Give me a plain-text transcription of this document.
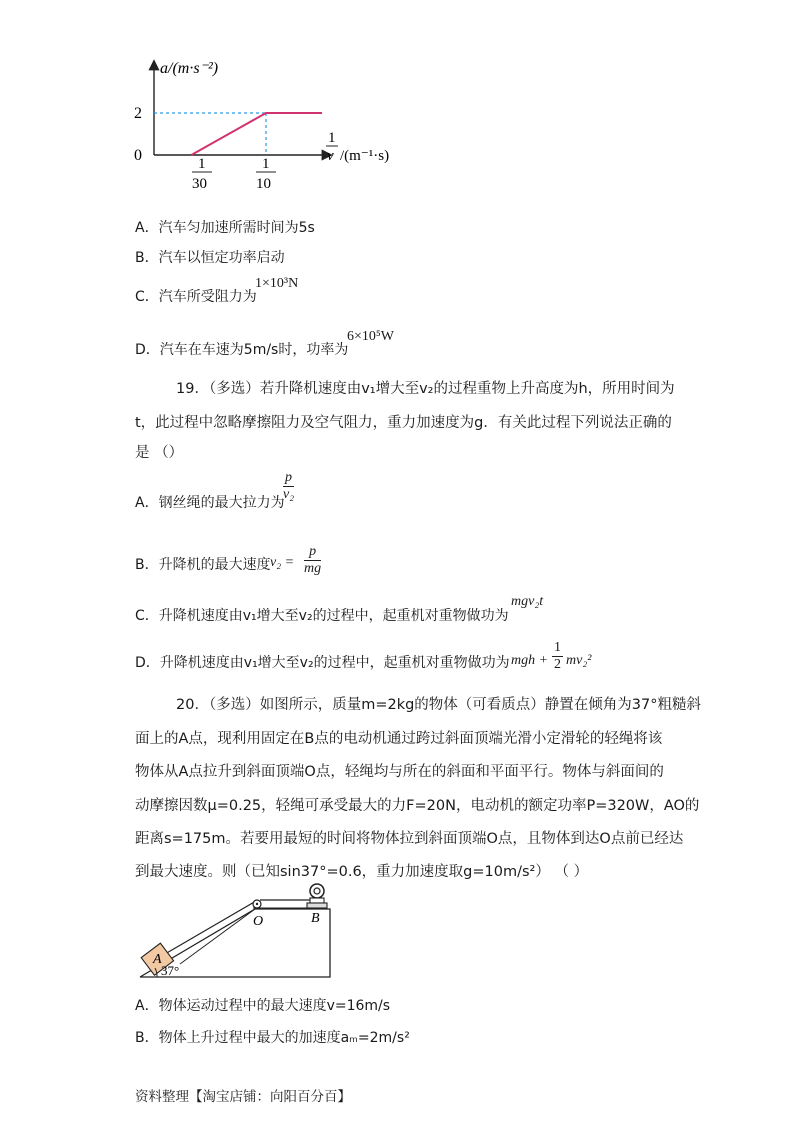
a/(m·s⁻²)
2
0
1
v /(m⁻¹·s)
1
30
1
10
A．汽车匀加速所需时间为5s
B．汽车以恒定功率启动
C．汽车所受阻力为
1×10³N
D．汽车在车速为5m/s时，功率为
6×10⁵W
19．（多选）若升降机速度由v₁增大至v₂的过程重物上升高度为h，所用时间为
t，此过程中忽略摩擦阻力及空气阻力，重力加速度为g．有关此过程下列说法正确的
是 （）
A．钢丝绳的最大拉力为
$\frac{p}{\text{v₂}}$
B．升降机的最大速度 $v_2 = \frac{p}{mg}$
C．升降机速度由v₁增大至v₂的过程中，起重机对重物做功为
mgv₂t
D．升降机速度由v₁增大至v₂的过程中，起重机对重物做功为 mgh + $\frac{1}{2} mv_2^2$
20．（多选）如图所示，质量m=2kg的物体（可看质点）静置在倾角为37°粗糙斜
面上的A点，现利用固定在B点的电动机通过跨过斜面顶端光滑小定滑轮的轻绳将该
物体从A点拉升到斜面顶端O点，轻绳均与所在的斜面和平面平行。物体与斜面间的
动摩擦因数μ=0.25，轻绳可承受最大的力F=20N，电动机的额定功率P=320W，AO的
距离s=175m。若要用最短的时间将物体拉到斜面顶端O点，且物体到达O点前已经达
到最大速度。则（已知sin37°=0.6，重力加速度取g=10m/s²） （ ）
A
O	B
37°
A．物体运动过程中的最大速度v=16m/s
B．物体上升过程中最大的加速度aₘ=2m/s²
资料整理【淘宝店铺：向阳百分百】
